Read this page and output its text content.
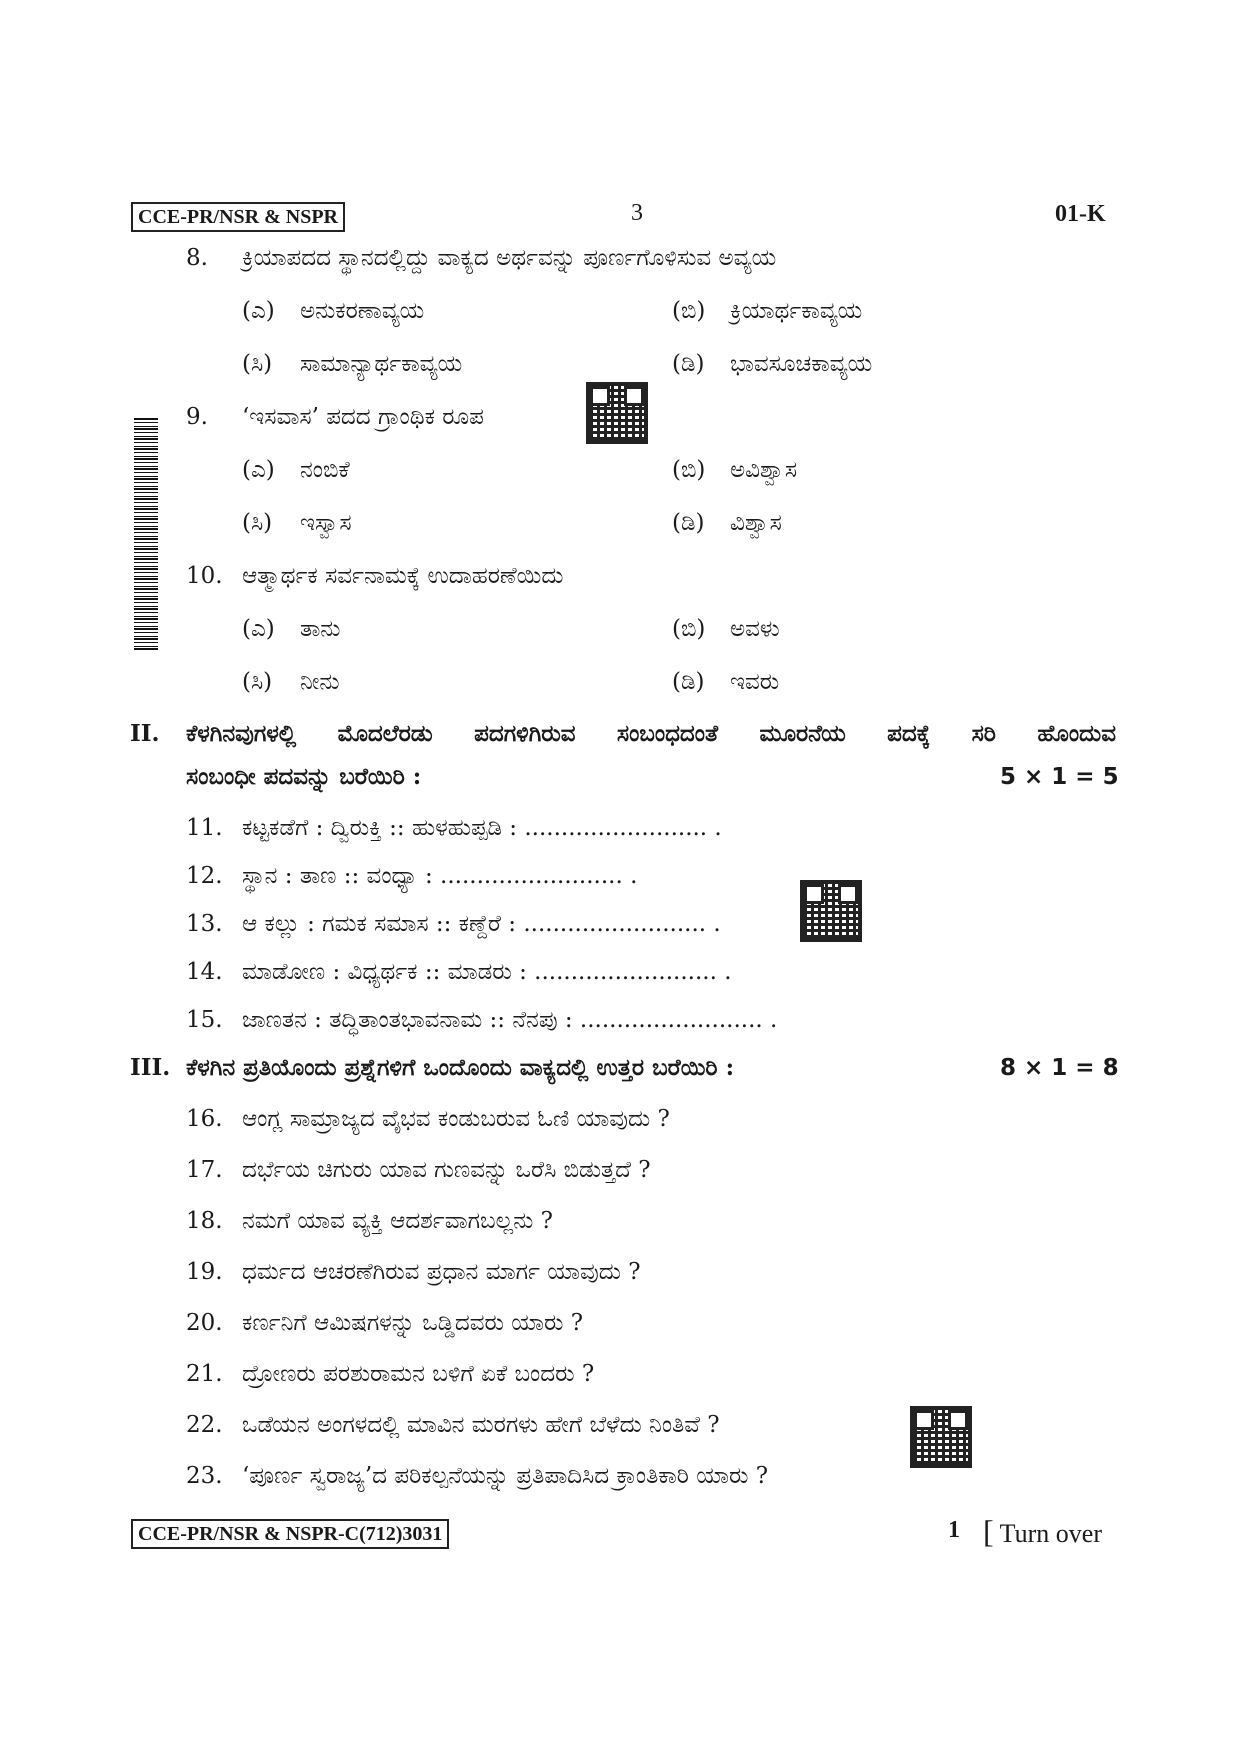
CCE-PR/NSR & NSPR	3	01-K
8. ಕ್ರಿಯಾಪದದ ಸ್ಥಾನದಲ್ಲಿದ್ದು ವಾಕ್ಯದ ಅರ್ಥವನ್ನು ಪೂರ್ಣಗೊಳಿಸುವ ಅವ್ಯಯ
(ಎ) ಅನುಕರಣಾವ್ಯಯ	(ಬಿ) ಕ್ರಿಯಾರ್ಥಕಾವ್ಯಯ
(ಸಿ) ಸಾಮಾನ್ಯಾರ್ಥಕಾವ್ಯಯ	(ಡಿ) ಭಾವಸೂಚಕಾವ್ಯಯ
9. ‘ಇಸವಾಸ’ ಪದದ ಗ್ರಾಂಥಿಕ ರೂಪ
(ಎ) ನಂಬಿಕೆ	(ಬಿ) ಅವಿಶ್ವಾಸ
(ಸಿ) ಇಸ್ವಾಸ	(ಡಿ) ವಿಶ್ವಾಸ
10. ಆತ್ಮಾರ್ಥಕ ಸರ್ವನಾಮಕ್ಕೆ ಉದಾಹರಣೆಯಿದು
(ಎ) ತಾನು	(ಬಿ) ಅವಳು
(ಸಿ) ನೀನು	(ಡಿ) ಇವರು
II. ಕೆಳಗಿನವುಗಳಲ್ಲಿ ಮೊದಲೆರಡು ಪದಗಳಿಗಿರುವ ಸಂಬಂಧದಂತೆ ಮೂರನೆಯ ಪದಕ್ಕೆ ಸರಿ ಹೊಂದುವ
ಸಂಬಂಧೀ ಪದವನ್ನು ಬರೆಯಿರಿ :	5 × 1 = 5
11. ಕಟ್ಟಕಡೆಗೆ : ದ್ವಿರುಕ್ತಿ :: ಹುಳಹುಪ್ಪಡಿ : ......................... .
12. ಸ್ಥಾನ : ತಾಣ :: ವಂಧ್ಯಾ : ......................... .
13. ಆ ಕಲ್ಲು : ಗಮಕ ಸಮಾಸ :: ಕಣ್ದೆರೆ : ......................... .
14. ಮಾಡೋಣ : ವಿಧ್ಯರ್ಥಕ :: ಮಾಡರು : ......................... .
15. ಜಾಣತನ : ತದ್ಧಿತಾಂತಭಾವನಾಮ :: ನೆನಪು : ......................... .
III. ಕೆಳಗಿನ ಪ್ರತಿಯೊಂದು ಪ್ರಶ್ನೆಗಳಿಗೆ ಒಂದೊಂದು ವಾಕ್ಯದಲ್ಲಿ ಉತ್ತರ ಬರೆಯಿರಿ :	8 × 1 = 8
16. ಆಂಗ್ಲ ಸಾಮ್ರಾಜ್ಯದ ವೈಭವ ಕಂಡುಬರುವ ಓಣಿ ಯಾವುದು ?
17. ದರ್ಭೆಯ ಚಿಗುರು ಯಾವ ಗುಣವನ್ನು ಒರೆಸಿ ಬಿಡುತ್ತದೆ ?
18. ನಮಗೆ ಯಾವ ವ್ಯಕ್ತಿ ಆದರ್ಶವಾಗಬಲ್ಲನು ?
19. ಧರ್ಮದ ಆಚರಣೆಗಿರುವ ಪ್ರಧಾನ ಮಾರ್ಗ ಯಾವುದು ?
20. ಕರ್ಣನಿಗೆ ಆಮಿಷಗಳನ್ನು ಒಡ್ಡಿದವರು ಯಾರು ?
21. ದ್ರೋಣರು ಪರಶುರಾಮನ ಬಳಿಗೆ ಏಕೆ ಬಂದರು ?
22. ಒಡೆಯನ ಅಂಗಳದಲ್ಲಿ ಮಾವಿನ ಮರಗಳು ಹೇಗೆ ಬೆಳೆದು ನಿಂತಿವೆ ?
23. ‘ಪೂರ್ಣ ಸ್ವರಾಜ್ಯ’ದ ಪರಿಕಲ್ಪನೆಯನ್ನು ಪ್ರತಿಪಾದಿಸಿದ ಕ್ರಾಂತಿಕಾರಿ ಯಾರು ?
CCE-PR/NSR & NSPR-C(712)3031	1 [ Turn over
